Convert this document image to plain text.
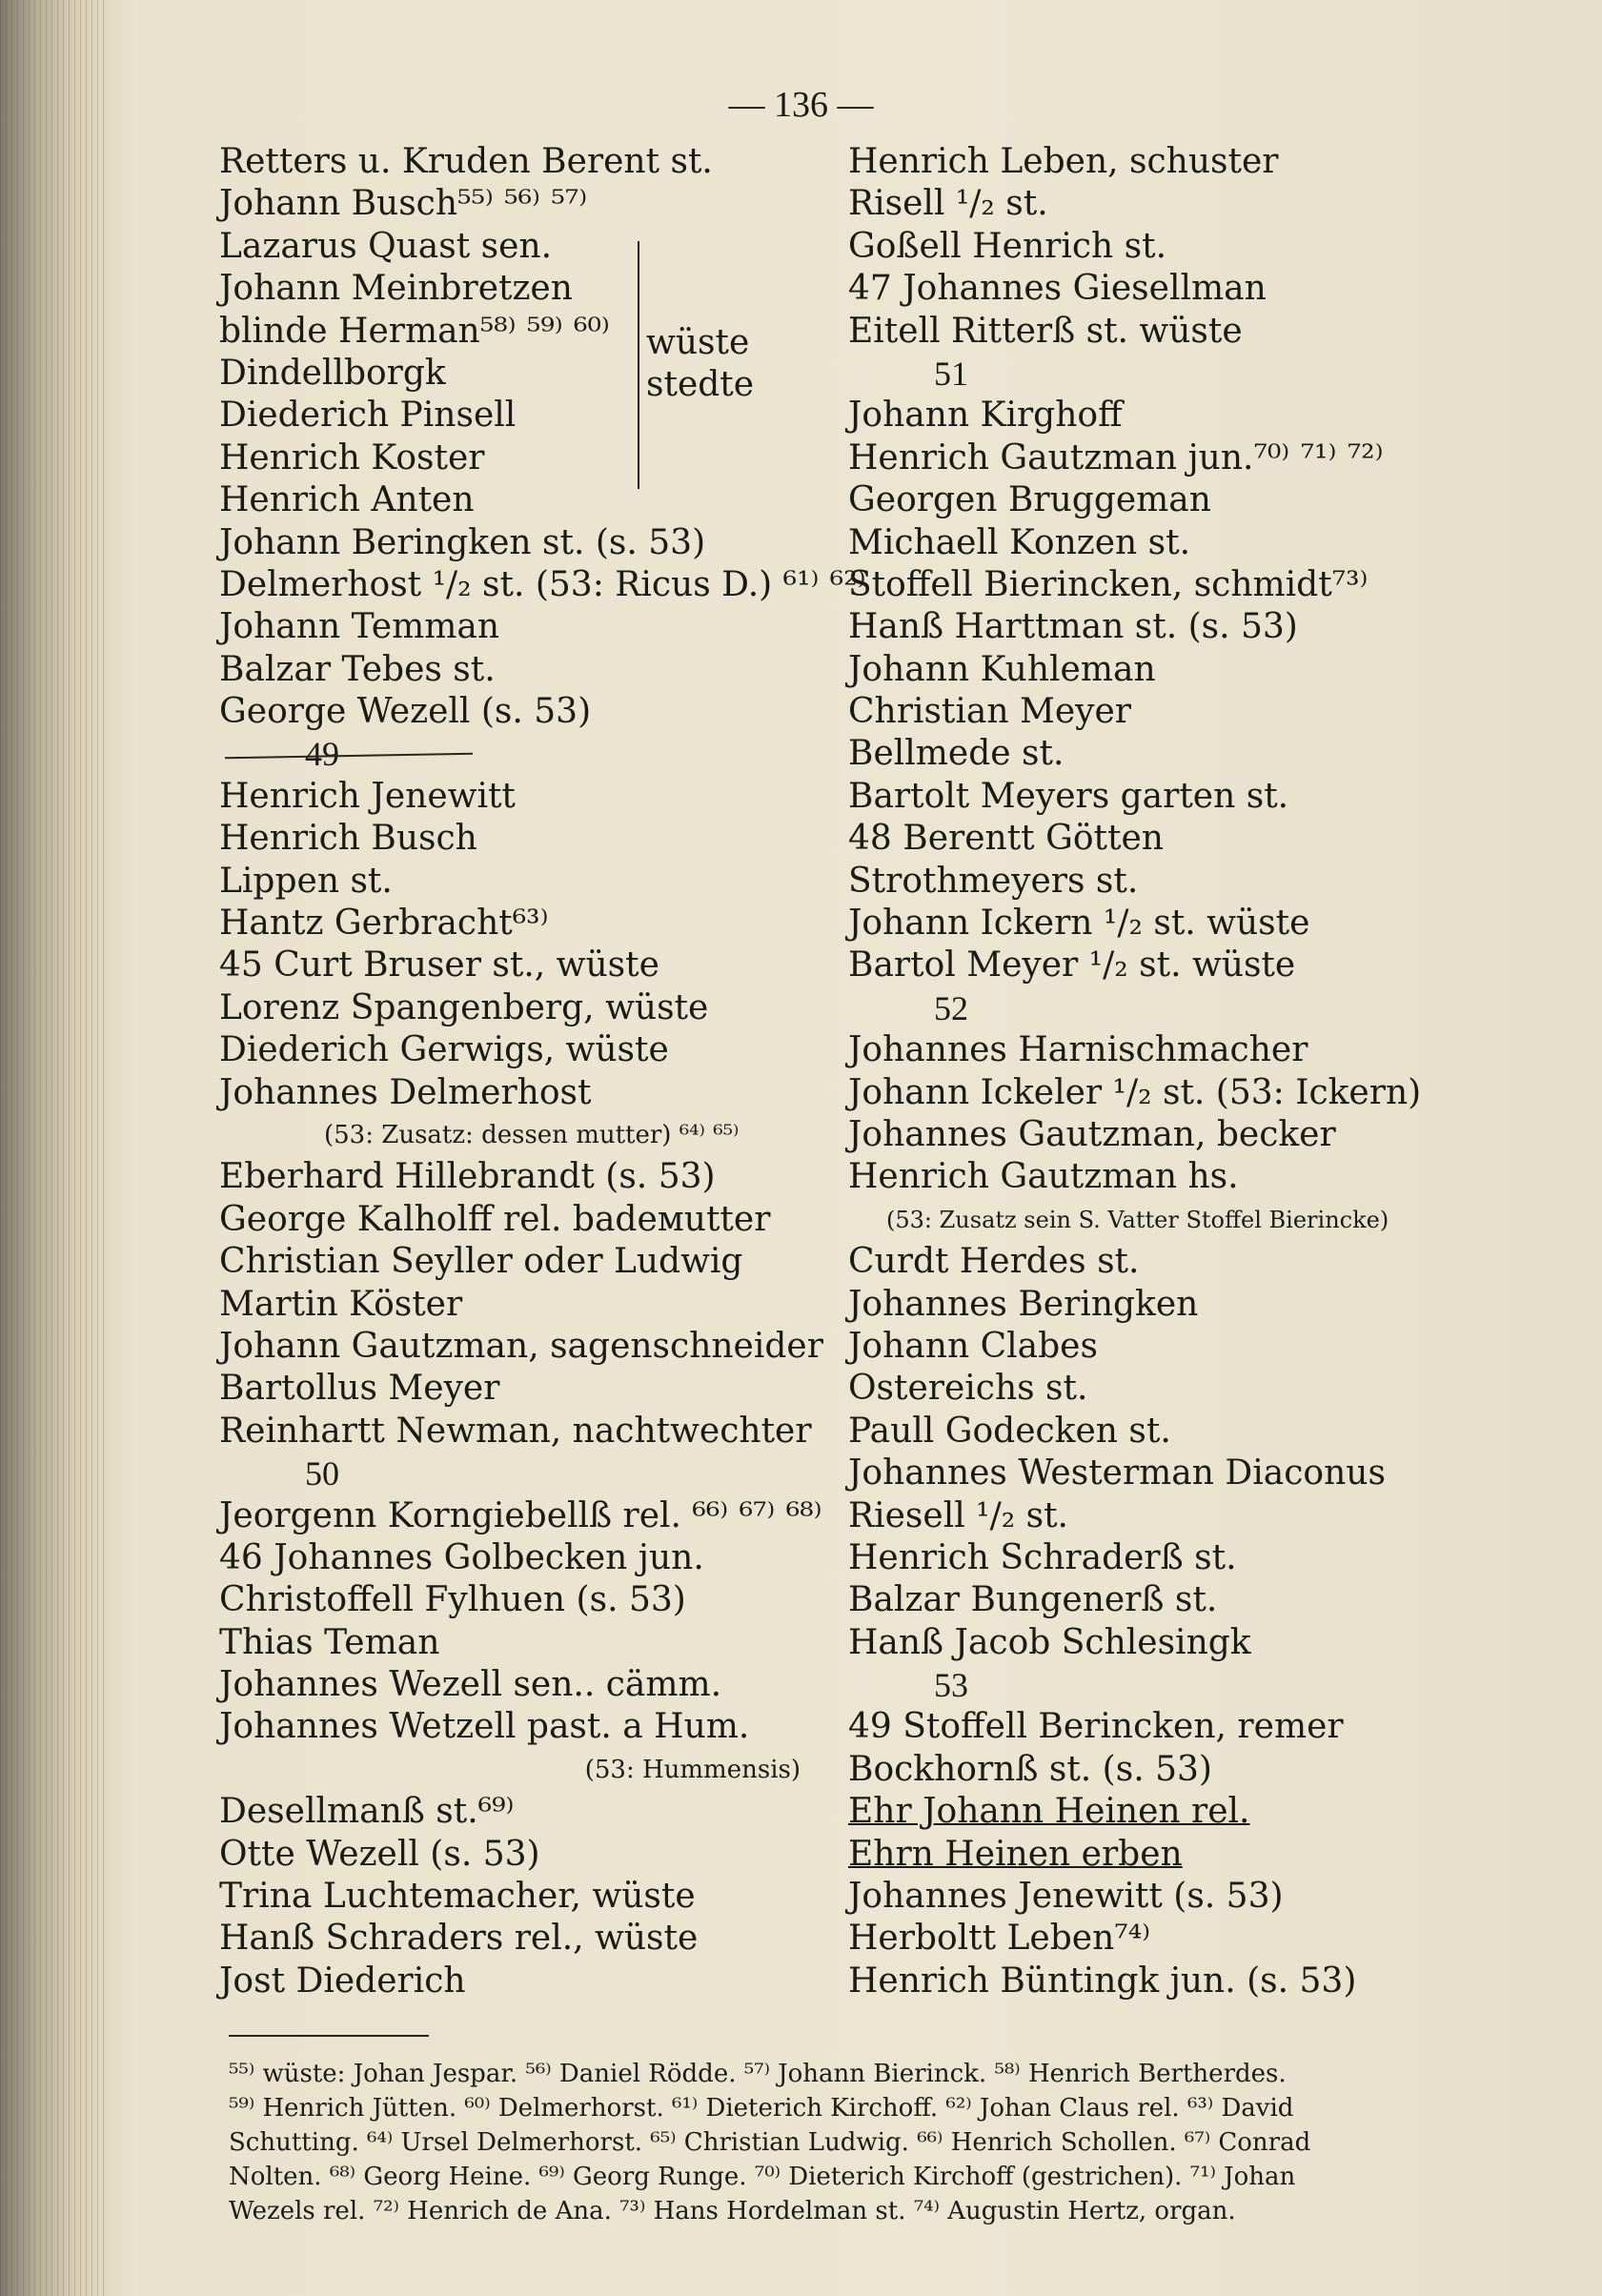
— 136 —
Retters u. Kruden Berent st.
Johann Busch⁵⁵⁾ ⁵⁶⁾ ⁵⁷⁾
Lazarus Quast sen.
Johann Meinbretzen
blinde Herman⁵⁸⁾ ⁵⁹⁾ ⁶⁰⁾
Dindellborgk
Diederich Pinsell
Henrich Koster
Henrich Anten
Johann Beringken st. (s. 53)
Delmerhost ¹/₂ st. (53: Ricus D.) ⁶¹⁾ ⁶²⁾
Johann Temman
Balzar Tebes st.
George Wezell (s. 53)
49
Henrich Jenewitt
Henrich Busch
Lippen st.
Hantz Gerbracht⁶³⁾
45 Curt Bruser st., wüste
Lorenz Spangenberg, wüste
Diederich Gerwigs, wüste
Johannes Delmerhost
(53: Zusatz: dessen mutter) ⁶⁴⁾ ⁶⁵⁾
Eberhard Hillebrandt (s. 53)
George Kalholff rel. badeмutter
Christian Seyller oder Ludwig
Martin Köster
Johann Gautzman, sagenschneider
Bartollus Meyer
Reinhartt Newman, nachtwechter
50
Jeorgenn Korngiebellß rel. ⁶⁶⁾ ⁶⁷⁾ ⁶⁸⁾
46 Johannes Golbecken jun.
Christoffell Fylhuen (s. 53)
Thias Teman
Johannes Wezell sen.. cämm.
Johannes Wetzell past. a Hum.
(53: Hummensis)
Desellmanß st.⁶⁹⁾
Otte Wezell (s. 53)
Trina Luchtemacher, wüste
Hanß Schraders rel., wüste
Jost Diederich
wüste
stedte
Henrich Leben, schuster
Risell ¹/₂ st.
Goßell Henrich st.
47 Johannes Giesellman
Eitell Ritterß st. wüste
51
Johann Kirghoff
Henrich Gautzman jun.⁷⁰⁾ ⁷¹⁾ ⁷²⁾
Georgen Bruggeman
Michaell Konzen st.
Stoffell Bierincken, schmidt⁷³⁾
Hanß Harttman st. (s. 53)
Johann Kuhleman
Christian Meyer
Bellmede st.
Bartolt Meyers garten st.
48 Berentt Götten
Strothmeyers st.
Johann Ickern ¹/₂ st. wüste
Bartol Meyer ¹/₂ st. wüste
52
Johannes Harnischmacher
Johann Ickeler ¹/₂ st. (53: Ickern)
Johannes Gautzman, becker
Henrich Gautzman hs.
(53: Zusatz sein S. Vatter Stoffel Bierincke)
Curdt Herdes st.
Johannes Beringken
Johann Clabes
Ostereichs st.
Paull Godecken st.
Johannes Westerman Diaconus
Riesell ¹/₂ st.
Henrich Schraderß st.
Balzar Bungenerß st.
Hanß Jacob Schlesingk
53
49 Stoffell Berincken, remer
Bockhornß st. (s. 53)
Ehr Johann Heinen rel.
Ehrn Heinen erben
Johannes Jenewitt (s. 53)
Herboltt Leben⁷⁴⁾
Henrich Büntingk jun. (s. 53)
⁵⁵⁾ wüste: Johan Jespar. ⁵⁶⁾ Daniel Rödde. ⁵⁷⁾ Johann Bierinck. ⁵⁸⁾ Henrich Bertherdes.
⁵⁹⁾ Henrich Jütten. ⁶⁰⁾ Delmerhorst. ⁶¹⁾ Dieterich Kirchoff. ⁶²⁾ Johan Claus rel. ⁶³⁾ David
Schutting. ⁶⁴⁾ Ursel Delmerhorst. ⁶⁵⁾ Christian Ludwig. ⁶⁶⁾ Henrich Schollen. ⁶⁷⁾ Conrad
Nolten. ⁶⁸⁾ Georg Heine. ⁶⁹⁾ Georg Runge. ⁷⁰⁾ Dieterich Kirchoff (gestrichen). ⁷¹⁾ Johan
Wezels rel. ⁷²⁾ Henrich de Ana. ⁷³⁾ Hans Hordelman st. ⁷⁴⁾ Augustin Hertz, organ.
